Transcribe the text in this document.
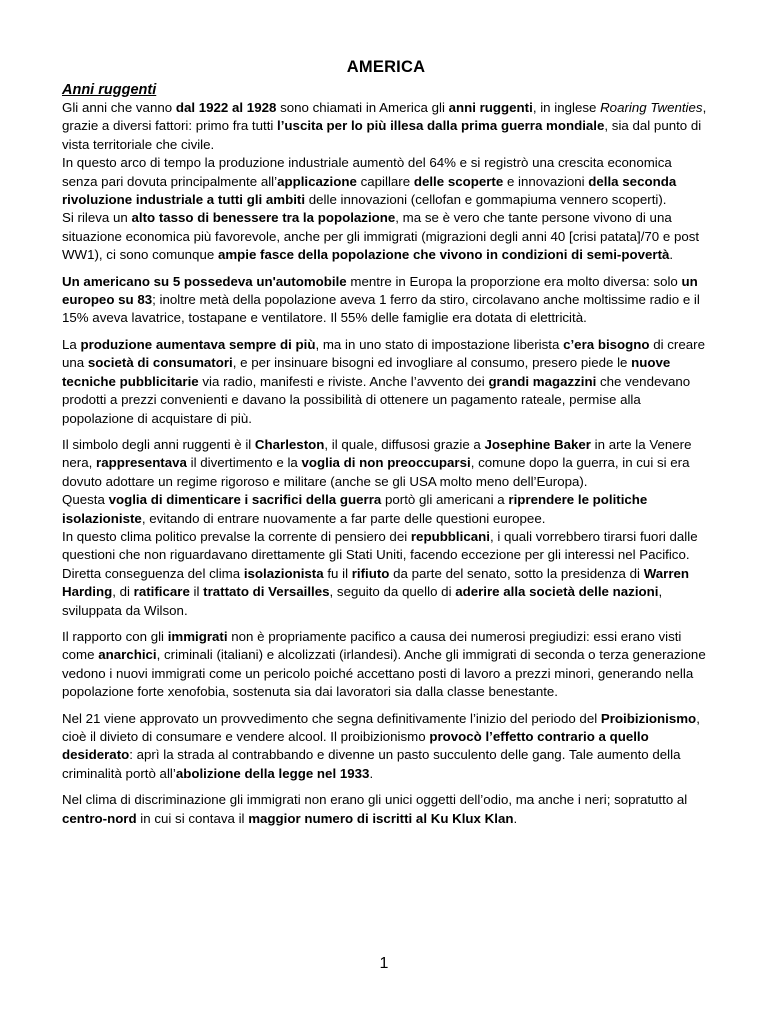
AMERICA
Anni ruggenti

Gli anni che vanno dal 1922 al 1928 sono chiamati in America gli anni ruggenti, in inglese Roaring Twenties, grazie a diversi fattori: primo fra tutti l’uscita per lo più illesa dalla prima guerra mondiale, sia dal punto di vista territoriale che civile.

In questo arco di tempo la produzione industriale aumentò del 64% e si registrò una crescita economica senza pari dovuta principalmente all’applicazione capillare delle scoperte e innovazioni della seconda rivoluzione industriale a tutti gli ambiti delle innovazioni (cellofan e gommapiuma vennero scoperti).

Si rileva un alto tasso di benessere tra la popolazione, ma se è vero che tante persone vivono di una situazione economica più favorevole, anche per gli immigrati (migrazioni degli anni 40 [crisi patata]/70 e post WW1), ci sono comunque ampie fasce della popolazione che vivono in condizioni di semi-povertà.

Un americano su 5 possedeva un'automobile mentre in Europa la proporzione era molto diversa: solo un europeo su 83; inoltre metà della popolazione aveva 1 ferro da stiro, circolavano anche moltissime radio e il 15% aveva lavatrice, tostapane e ventilatore. Il 55% delle famiglie era dotata di elettricità.

La produzione aumentava sempre di più, ma in uno stato di impostazione liberista c’era bisogno di creare una società di consumatori, e per insinuare bisogni ed invogliare al consumo, presero piede le nuove tecniche pubblicitarie via radio, manifesti e riviste. Anche l’avvento dei grandi magazzini che vendevano prodotti a prezzi convenienti e davano la possibilità di ottenere un pagamento rateale, permise alla popolazione di acquistare di più.

Il simbolo degli anni ruggenti è il Charleston, il quale, diffusosi grazie a Josephine Baker in arte la Venere nera, rappresentava il divertimento e la voglia di non preoccuparsi, comune dopo la guerra, in cui si era dovuto adottare un regime rigoroso e militare (anche se gli USA molto meno dell’Europa).

Questa voglia di dimenticare i sacrifici della guerra portò gli americani a riprendere le politiche isolazioniste, evitando di entrare nuovamente a far parte delle questioni europee.

In questo clima politico prevalse la corrente di pensiero dei repubblicani, i quali vorrebbero tirarsi fuori dalle questioni che non riguardavano direttamente gli Stati Uniti, facendo eccezione per gli interessi nel Pacifico. Diretta conseguenza del clima isolazionista fu il rifiuto da parte del senato, sotto la presidenza di Warren Harding, di ratificare il trattato di Versailles, seguito da quello di aderire alla società delle nazioni, sviluppata da Wilson.

Il rapporto con gli immigrati non è propriamente pacifico a causa dei numerosi pregiudizi: essi erano visti come anarchici, criminali (italiani) e alcolizzati (irlandesi). Anche gli immigrati di seconda o terza generazione vedono i nuovi immigrati come un pericolo poiché accettano posti di lavoro a prezzi minori, generando nella popolazione forte xenofobia, sostenuta sia dai lavoratori sia dalla classe benestante.

Nel 21 viene approvato un provvedimento che segna definitivamente l’inizio del periodo del Proibizionismo, cioè il divieto di consumare e vendere alcool. Il proibizionismo provocò l’effetto contrario a quello desiderato: aprì la strada al contrabbando e divenne un pasto succulento delle gang. Tale aumento della criminalità portò all’abolizione della legge nel 1933.

Nel clima di discriminazione gli immigrati non erano gli unici oggetti dell’odio, ma anche i neri; sopratutto al centro-nord in cui si contava il maggior numero di iscritti al Ku Klux Klan.

1
